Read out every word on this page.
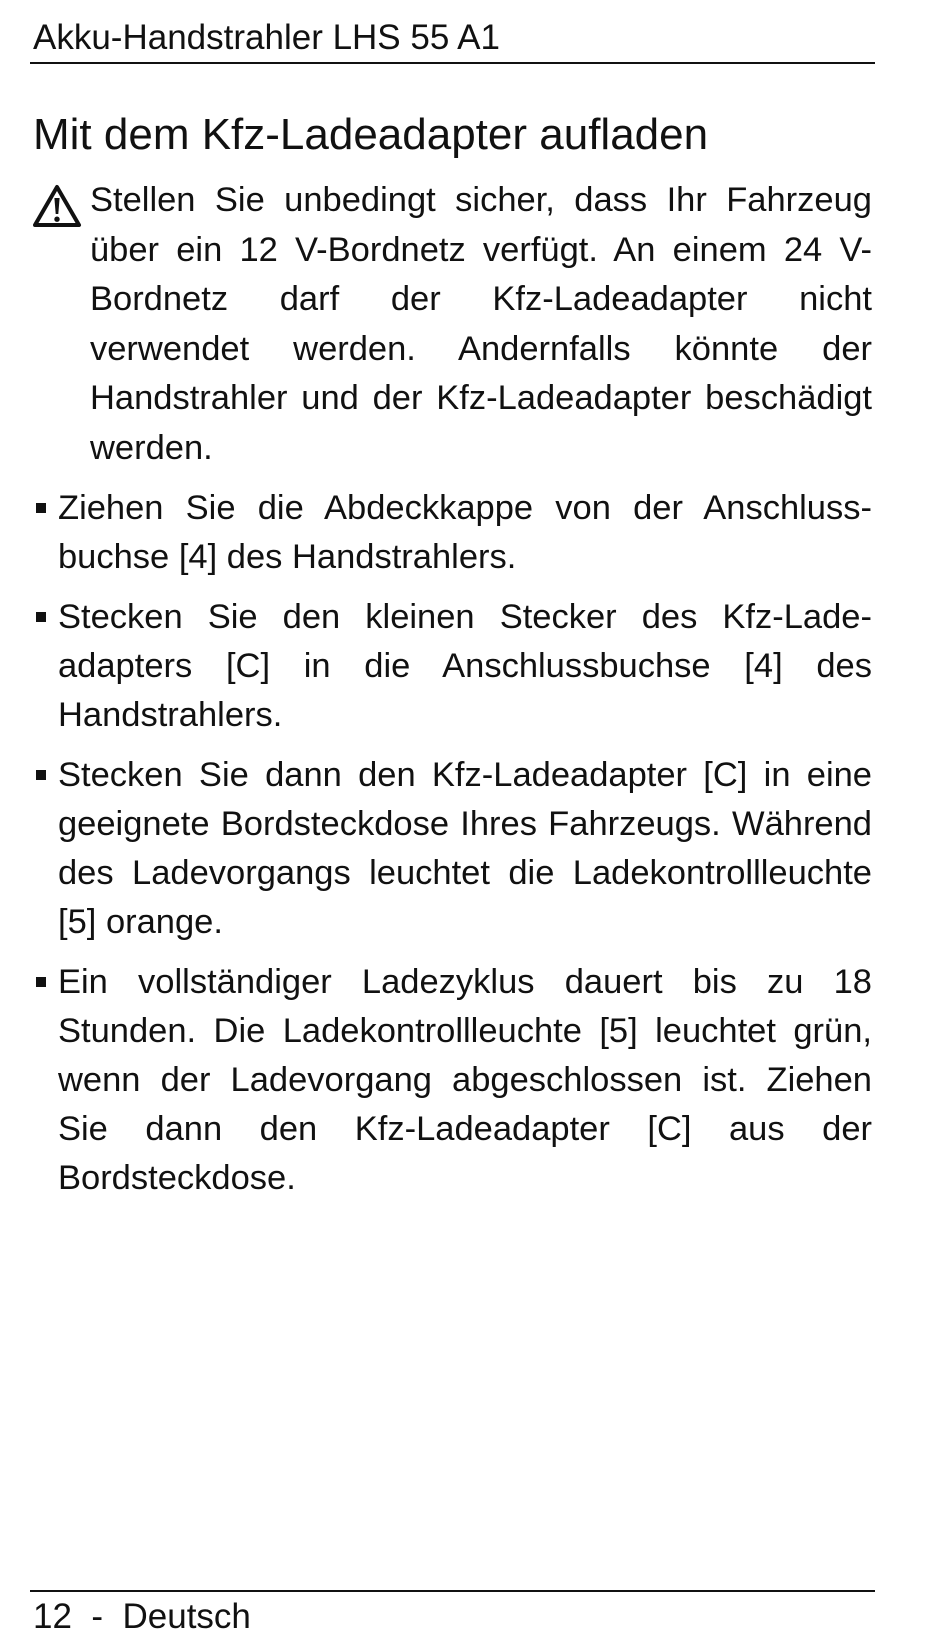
Akku-Handstrahler LHS 55 A1
Mit dem Kfz-Ladeadapter aufladen
Stellen Sie unbedingt sicher, dass Ihr Fahrzeug über ein 12 V-Bordnetz verfügt. An einem 24 V-Bordnetz darf der Kfz-Ladeadapter nicht verwendet werden. Andernfalls könnte der Handstrahler und der Kfz-Ladeadapter beschädigt werden.
Ziehen Sie die Abdeckkappe von der Anschlussbuchse [4] des Handstrahlers.
Stecken Sie den kleinen Stecker des Kfz-Ladeadapters [C] in die Anschlussbuchse [4] des Handstrahlers.
Stecken Sie dann den Kfz-Ladeadapter [C] in eine geeignete Bordsteckdose Ihres Fahrzeugs. Während des Ladevorgangs leuchtet die Ladekontrollleuchte [5] orange.
Ein vollständiger Ladezyklus dauert bis zu 18 Stunden. Die Ladekontrollleuchte [5] leuchtet grün, wenn der Ladevorgang abgeschlossen ist. Ziehen Sie dann den Kfz-Ladeadapter [C] aus der Bordsteckdose.
12 - Deutsch
